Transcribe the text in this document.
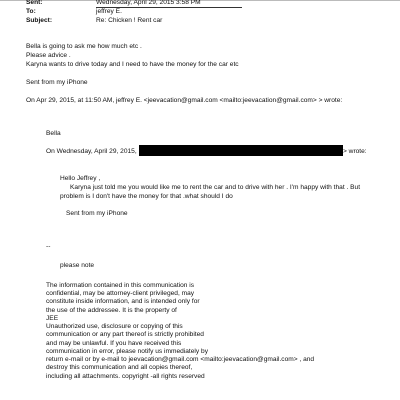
Sent:	Wednesday, April 29, 2015 3:58 PM
To:	jeffrey E.
Subject:	Re: Chicken ! Rent car
Bella is going to ask me how much etc .
Please advice .
Karyna wants to drive today and I need to have the money for the car etc
Sent from my iPhone
On Apr 29, 2015, at 11:50 AM, jeffrey E. <jeevacation@gmail.com <mailto:jeevacation@gmail.com> > wrote:
Bella
On Wednesday, April 29, 2015,	> wrote:
Hello Jeffrey ,
Karyna just told me you would like me to rent the car and to drive with her . I'm happy with that . But
problem is I don't have the money for that .what should I do
Sent from my iPhone
--
please note
The information contained in this communication is
confidential, may be attorney-client privileged, may
constitute inside information, and is intended only for
the use of the addressee. It is the property of
JEE
Unauthorized use, disclosure or copying of this
communication or any part thereof is strictly prohibited
and may be unlawful. If you have received this
communication in error, please notify us immediately by
return e-mail or by e-mail to jeevacation@gmail.com <mailto:jeevacation@gmail.com> , and
destroy this communication and all copies thereof,
including all attachments. copyright -all rights reserved
